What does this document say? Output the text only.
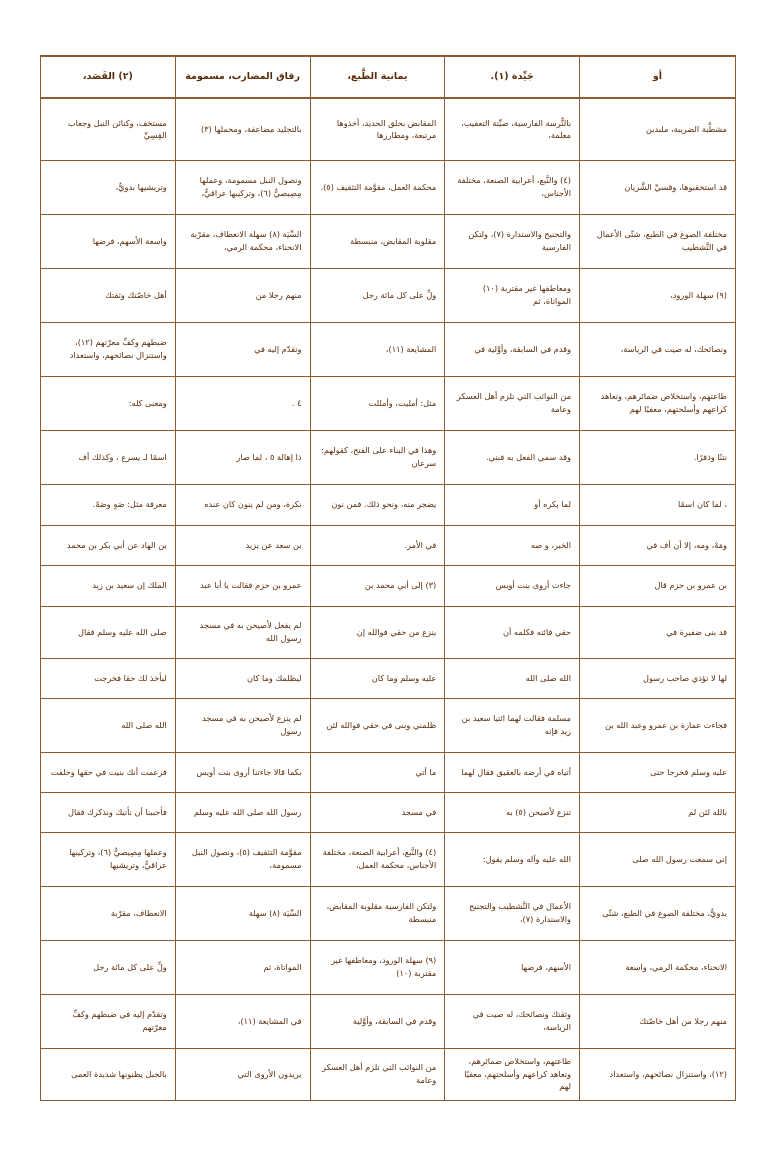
أو	جَيِّدة (١).	يمانية الطَّبع،	رقاق المضارب، مسمومة	(٢) القَصَد،
مشطَّبة الضريبة، ملبدين	بالتُّرسة الفارسية، صيِّتة التعقيب، معلمة،	المقابض بحلق الحديد، أخذوها مرتبعة، ومطارزها	بالتجليد مضاعفة، ومحملها (٣)	مستخف، وكنائن النبل وجعاب القِسِيِّ
قد استحقبوها، وقسيِّ الشَّريان	(٤) والنَّبع، أعرابية الصنعة، مختلفة الأجناس،	محكمة العمل، مقوَّمة التثقيف (٥).	ونصول النبل مسمومة، وعملها مِصِيصيٌّ (٦)، وتركيبها عراقيٌّ،	وتريشيها بدويٌّ،
مختلفة الصوغ في الطبع، شتّى الأعمال في التَّشطيب	والتجنيح والاستدارة (٧)، ولتكن الفارسية	مقلوبة المقابض، منبسطة	السِّيَة (٨) سهلة الانعطاف، مقرّبة الانحناء، محكمة الرمي،	واسعة الأسهم، فرضها
(٩) سهلة الورود،	ومعاطفها غير مقتربة (١٠) المواتاة، ثم	ولِّ على كل مائة رجل	منهم رجلا من	أهل خاصّتك وثقتك
ونصائحك، له صيت في الرياسة،	وقدم في السابقة، وأوَّلية في	المشايعة (١١)،	وتقدّم إليه في	ضبطهم وكفِّ معرّتهم (١٢)، واستنزال نصائحهم، واستعداد
طاعتهم، واستخلاص ضمائرهم، وتعاهد كراعهم وأسلحتهم، معفيًا لهم	من النوائب التي تلزم أهل العسكر وعامة	مثل: أمليت، وأمللت	٤ .	ومعنى كله:
نتنًا وذفرًا.	وقد سمي الفعل به فبني.	وهذا في البناء على الفتح، كقولهم: سرعان	ذا إهالة ٥ ، لما صار	اسمًا لـ يسرع ، وكذلك أف
، لما كان اسمًا	لما يكره أو	يضجر منه، ونحو ذلك. فمن نون	نكرة، ومن لم ينون كان عنده	معرفة مثل: صَهٍ وصَهْ.
ومَهْ، ومه، إلا أن أف في	الخبر، و صه	في الأمر.	بن سعد عن يزيد	بن الهاد عن أبي بكر بن محمد
بن عمرو بن حزم قال	جاءت أروى بنت أويس	(٣) إلى أبي محمد بن	عمرو بن حزم فقالت يا أبا عبد	الملك إن سعيد بن زيد
قد بنى ضفيرة في	حقي فائته فكلمه أن	ينزع من حقي فوالله إن	لم يفعل لأصيحن به في مسجد رسول الله	صلى الله عليه وسلم فقال
لها لا تؤذي صاحب رسول	الله صلى الله	عليه وسلم وما كان	ليظلمك وما كان	ليأخذ لك حقا فخرجت
فجاءت عمارة بن عمرو وعبد الله بن	مسلمة فقالت لهما ائتيا سعيد بن زيد فإنه	ظلمني وبنى في حقي فوالله لئن	لم ينزع لأصيحن به في مسجد رسول	الله صلى الله
عليه وسلم فخرجا حتى	أتياه في أرضه بالعقيق فقال لهما	ما أتي	بكما قالا جاءتنا أروى بنت أويس	فزعمت أنك بنيت في حقها وحلفت
بالله لئن لم	تنزع لأصيحن (٥) به	في مسجد	رسول الله صلى الله عليه وسلم	فأحببنا أن نأتيك ونذكرك فقال
إني سمعت رسول الله صلى	الله عليه وآله وسلم يقول:	(٤) والنَّبع، أعرابية الصنعة، مختلفة الأجناس، محكمة العمل،	مقوَّمة التثقيف (٥)، ونصول النبل مسمومة،	وعملها مِصِيصيٌّ (٦)، وتركيبها عراقيٌّ، وتريشيها
بدويٌّ، مختلفة الصوغ في الطبع، شتّى	الأعمال في التَّشطيب والتجنيح والاستدارة (٧)،	ولتكن الفارسية مقلوبة المقابض، منبسطة	السِّيَة (٨) سهلة	الانعطاف، مقرّبة
الانحناء، محكمة الرمي، واسعة	الأسهم، فرضها	(٩) سهلة الورود، ومعاطفها غير مقتربة (١٠)	المواتاة، ثم	ولِّ على كل مائة رجل
منهم رجلا من أهل خاصّتك	وثقتك ونصائحك، له صيت في الرياسة،	وقدم في السابقة، وأوَّلية	في المشايعة (١١)،	وتقدّم إليه في ضبطهم وكفِّ معرّتهم
(١٢)، واستنزال نصائحهم، واستعداد	طاعتهم، واستخلاص ضمائرهم، وتعاهد كراعهم وأسلحتهم، معفيًا لهم	من النوائب التي تلزم أهل العسكر وعامة	يريدون الأروى التي	بالجبل يظنونها شديدة العمى
